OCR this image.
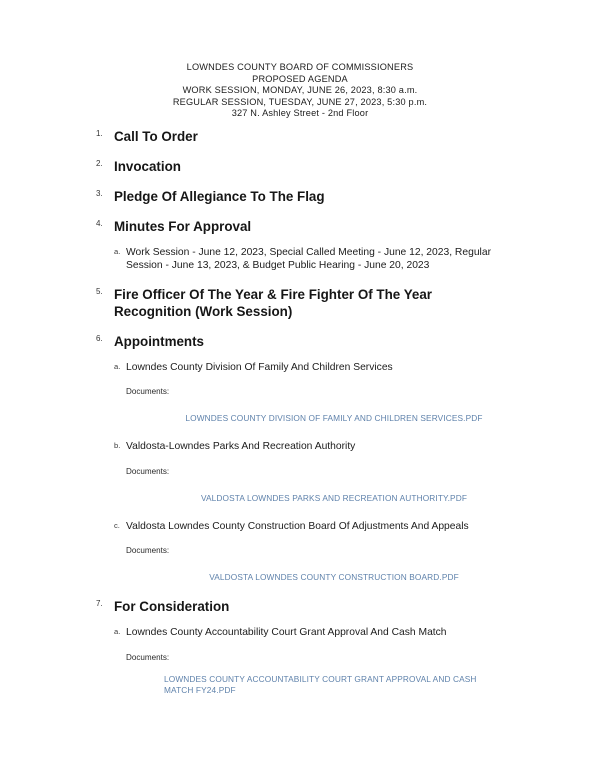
LOWNDES COUNTY BOARD OF COMMISSIONERS
PROPOSED AGENDA
WORK SESSION, MONDAY, JUNE 26, 2023, 8:30 a.m.
REGULAR SESSION, TUESDAY, JUNE 27, 2023, 5:30 p.m.
327 N. Ashley Street - 2nd Floor
1. Call To Order
2. Invocation
3. Pledge Of Allegiance To The Flag
4. Minutes For Approval
a. Work Session - June 12, 2023, Special Called Meeting - June 12, 2023, Regular Session - June 13, 2023, & Budget Public Hearing - June 20, 2023
5. Fire Officer Of The Year & Fire Fighter Of The Year Recognition (Work Session)
6. Appointments
a. Lowndes County Division Of Family And Children Services
Documents:
LOWNDES COUNTY DIVISION OF FAMILY AND CHILDREN SERVICES.PDF
b. Valdosta-Lowndes Parks And Recreation Authority
Documents:
VALDOSTA LOWNDES PARKS AND RECREATION AUTHORITY.PDF
c. Valdosta Lowndes County Construction Board Of Adjustments And Appeals
Documents:
VALDOSTA LOWNDES COUNTY CONSTRUCTION BOARD.PDF
7. For Consideration
a. Lowndes County Accountability Court Grant Approval And Cash Match
Documents:
LOWNDES COUNTY ACCOUNTABILITY COURT GRANT APPROVAL AND CASH MATCH FY24.PDF
